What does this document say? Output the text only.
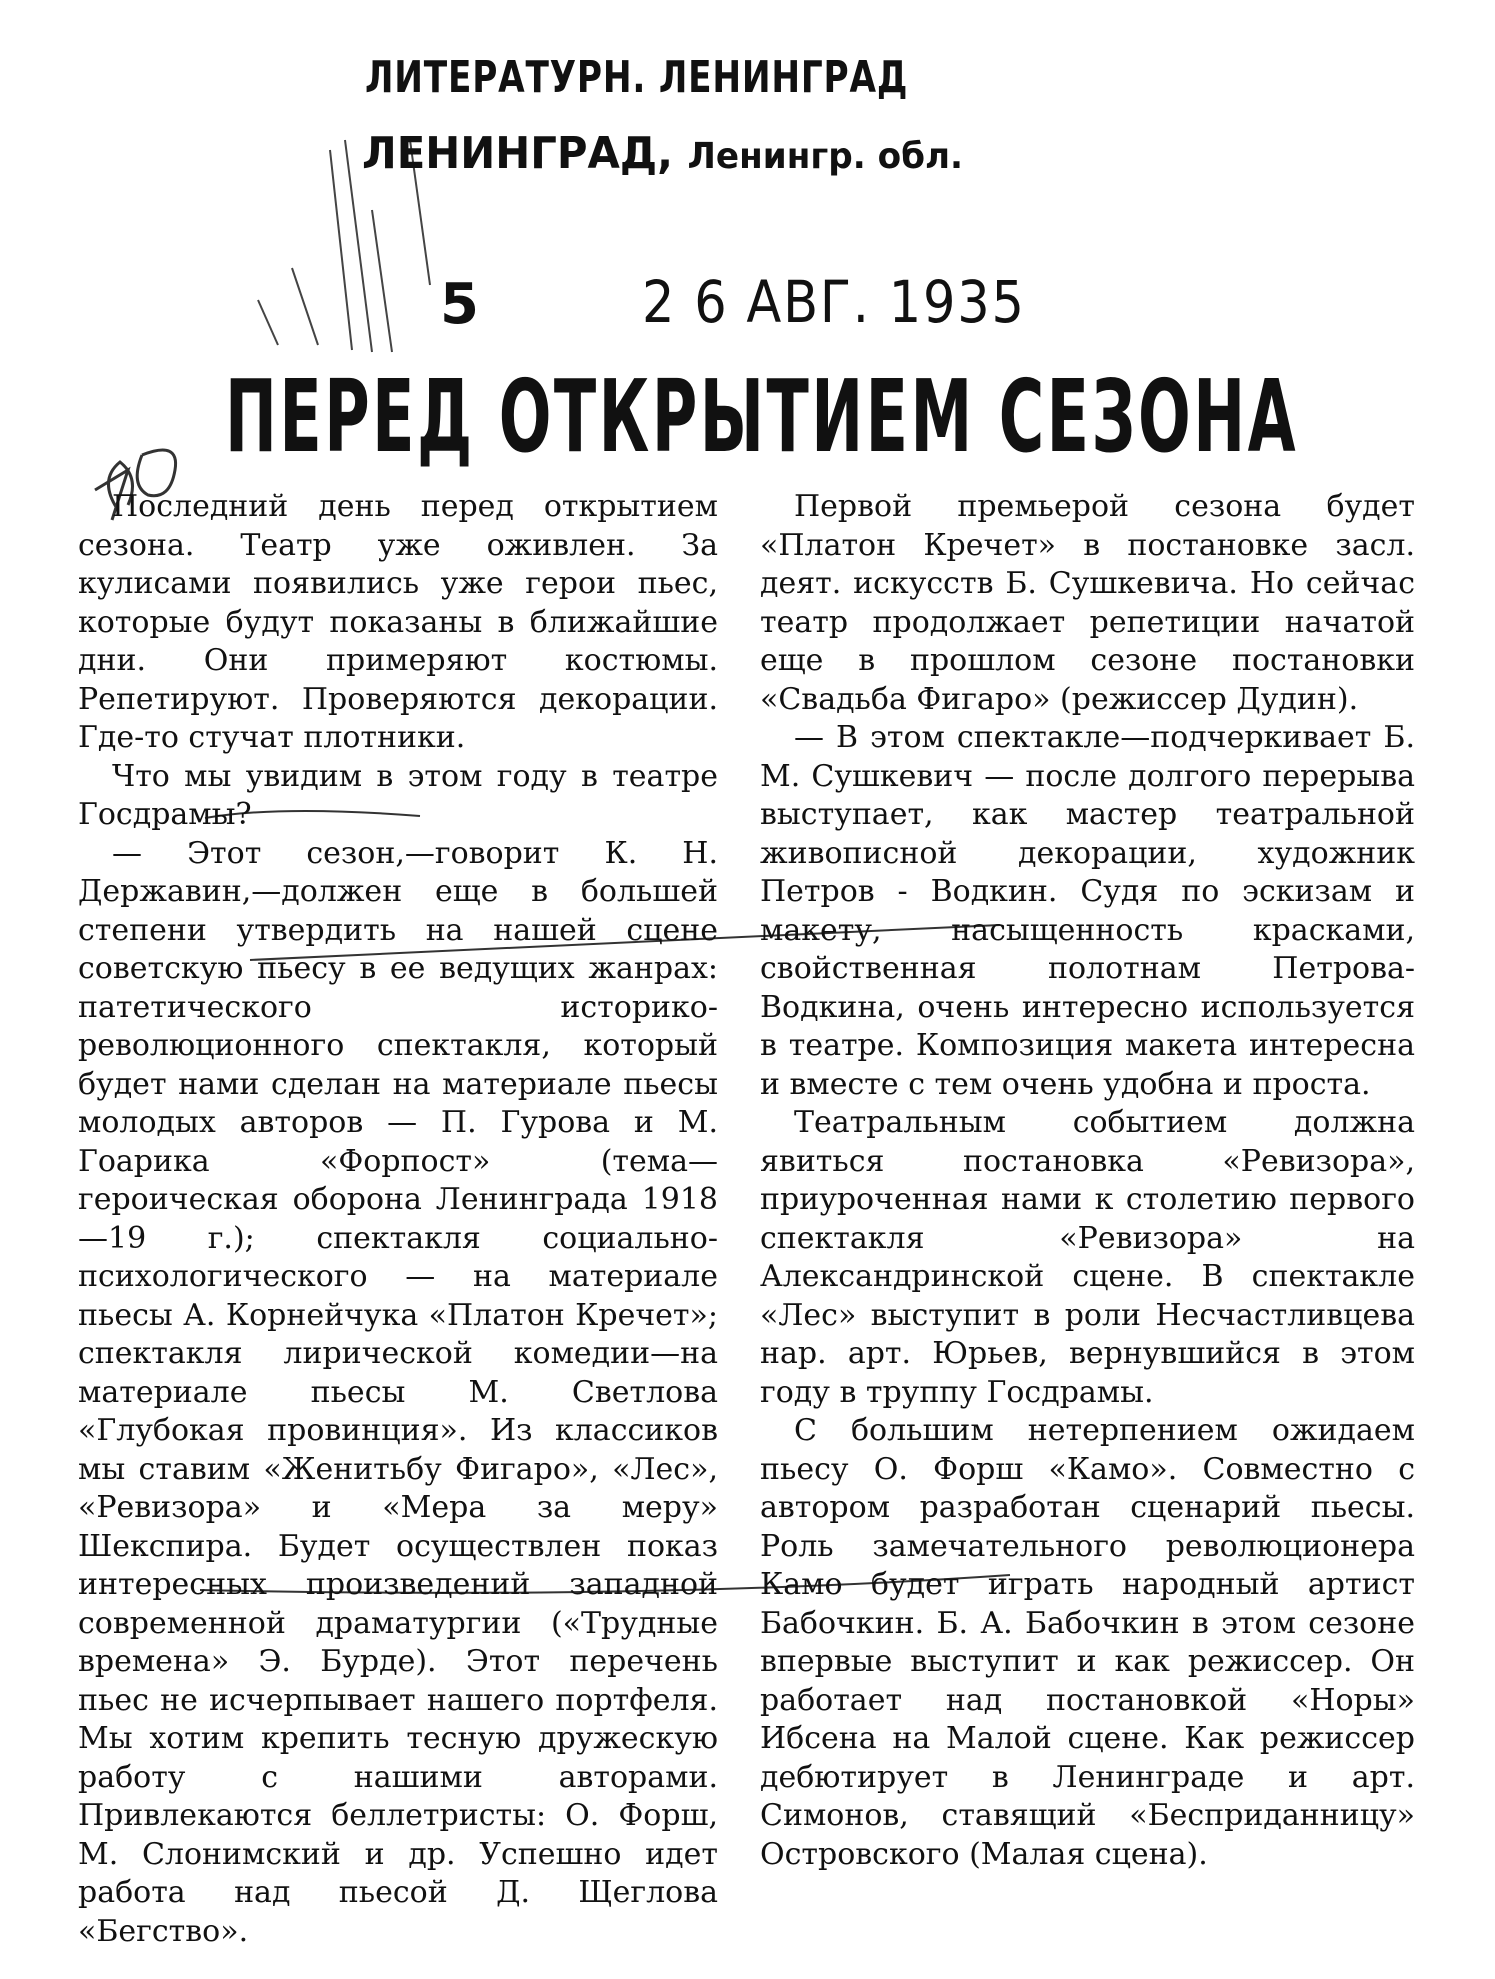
ЛИТЕРАТУРН. ЛЕНИНГРАД
ЛЕНИНГРАД, Ленингр. обл.
5	2 6 АВГ. 1935
ПЕРЕД ОТКРЫТИЕМ СЕЗОНА

Последний день перед открытием сезона. Театр уже оживлен. За кулисами появились уже герои пьес, которые будут показаны в ближайшие дни. Они примеряют костюмы. Репетируют. Проверяются декорации. Где-то стучат плотники.

Что мы увидим в этом году в театре Госдрамы?

— Этот сезон,—говорит К. Н. Державин,—должен еще в большей степени утвердить на нашей сцене советскую пьесу в ее ведущих жанрах: патетического историко-революционного спектакля, который будет нами сделан на материале пьесы молодых авторов — П. Гурова и М. Гоарика «Форпост» (тема— героическая оборона Ленинграда 1918—19 г.); спектакля социально-психологического — на материале пьесы А. Корнейчука «Платон Кречет»; спектакля лирической комедии—на материале пьесы М. Светлова «Глубокая провинция». Из классиков мы ставим «Женитьбу Фигаро», «Лес», «Ревизора» и «Мера за меру» Шекспира. Будет осуществлен показ интересных произведений западной современной драматургии («Трудные времена» Э. Бурде). Этот перечень пьес не исчерпывает нашего портфеля. Мы хотим крепить тесную дружескую работу с нашими авторами. Привлекаются беллетристы: О. Форш, М. Слонимский и др. Успешно идет работа над пьесой Д. Щеглова «Бегство».

Первой премьерой сезона будет «Платон Кречет» в постановке засл. деят. искусств Б. Сушкевича. Но сейчас театр продолжает репетиции начатой еще в прошлом сезоне постановки «Свадьба Фигаро» (режиссер Дудин).

— В этом спектакле—подчеркивает Б. М. Сушкевич — после долгого перерыва выступает, как мастер театральной живописной декорации, художник Петров - Водкин. Судя по эскизам и макету, насыщенность красками, свойственная полотнам Петрова-Водкина, очень интересно используется в театре. Композиция макета интересна и вместе с тем очень удобна и проста.

Театральным событием должна явиться постановка «Ревизора», приуроченная нами к столетию первого спектакля «Ревизора» на Александринской сцене. В спектакле «Лес» выступит в роли Несчастливцева нар. арт. Юрьев, вернувшийся в этом году в труппу Госдрамы.

С большим нетерпением ожидаем пьесу О. Форш «Камо». Совместно с автором разработан сценарий пьесы. Роль замечательного революционера Камо будет играть народный артист Бабочкин. Б. А. Бабочкин в этом сезоне впервые выступит и как режиссер. Он работает над постановкой «Норы» Ибсена на Малой сцене. Как режиссер дебютирует в Ленинграде и арт. Симонов, ставящий «Бесприданницу» Островского (Малая сцена).
